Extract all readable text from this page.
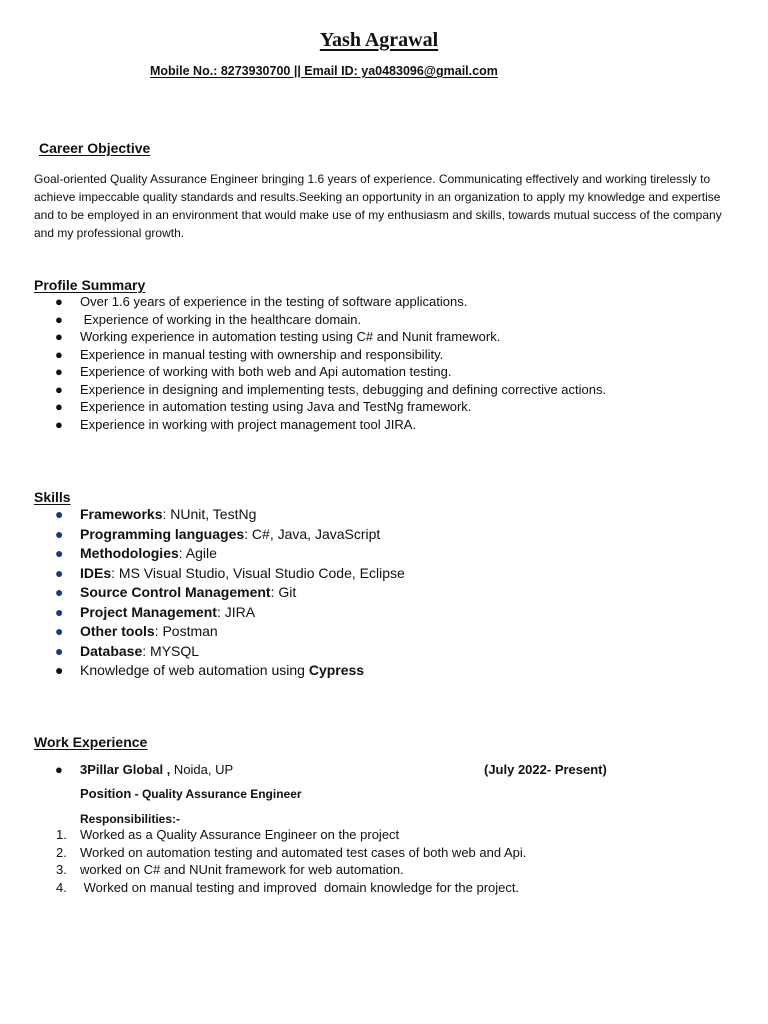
Yash Agrawal
Mobile No.: 8273930700 || Email ID: ya0483096@gmail.com
Career Objective
Goal-oriented Quality Assurance Engineer bringing 1.6 years of experience. Communicating effectively and working tirelessly to achieve impeccable quality standards and results.Seeking an opportunity in an organization to apply my knowledge and expertise and to be employed in an environment that would make use of my enthusiasm and skills, towards mutual success of the company and my professional growth.
Profile Summary
● Over 1.6 years of experience in the testing of software applications.
● Experience of working in the healthcare domain.
● Working experience in automation testing using C# and Nunit framework.
● Experience in manual testing with ownership and responsibility.
● Experience of working with both web and Api automation testing.
● Experience in designing and implementing tests, debugging and defining corrective actions.
● Experience in automation testing using Java and TestNg framework.
● Experience in working with project management tool JIRA.
Skills
● Frameworks: NUnit, TestNg
● Programming languages: C#, Java, JavaScript
● Methodologies: Agile
● IDEs: MS Visual Studio, Visual Studio Code, Eclipse
● Source Control Management: Git
● Project Management: JIRA
● Other tools: Postman
● Database: MYSQL
● Knowledge of web automation using Cypress
Work Experience
● 3Pillar Global , Noida, UP	(July 2022- Present)
Position - Quality Assurance Engineer
Responsibilities:-
1. Worked as a Quality Assurance Engineer on the project
2. Worked on automation testing and automated test cases of both web and Api.
3. worked on C# and NUnit framework for web automation.
4. Worked on manual testing and improved  domain knowledge for the project.
